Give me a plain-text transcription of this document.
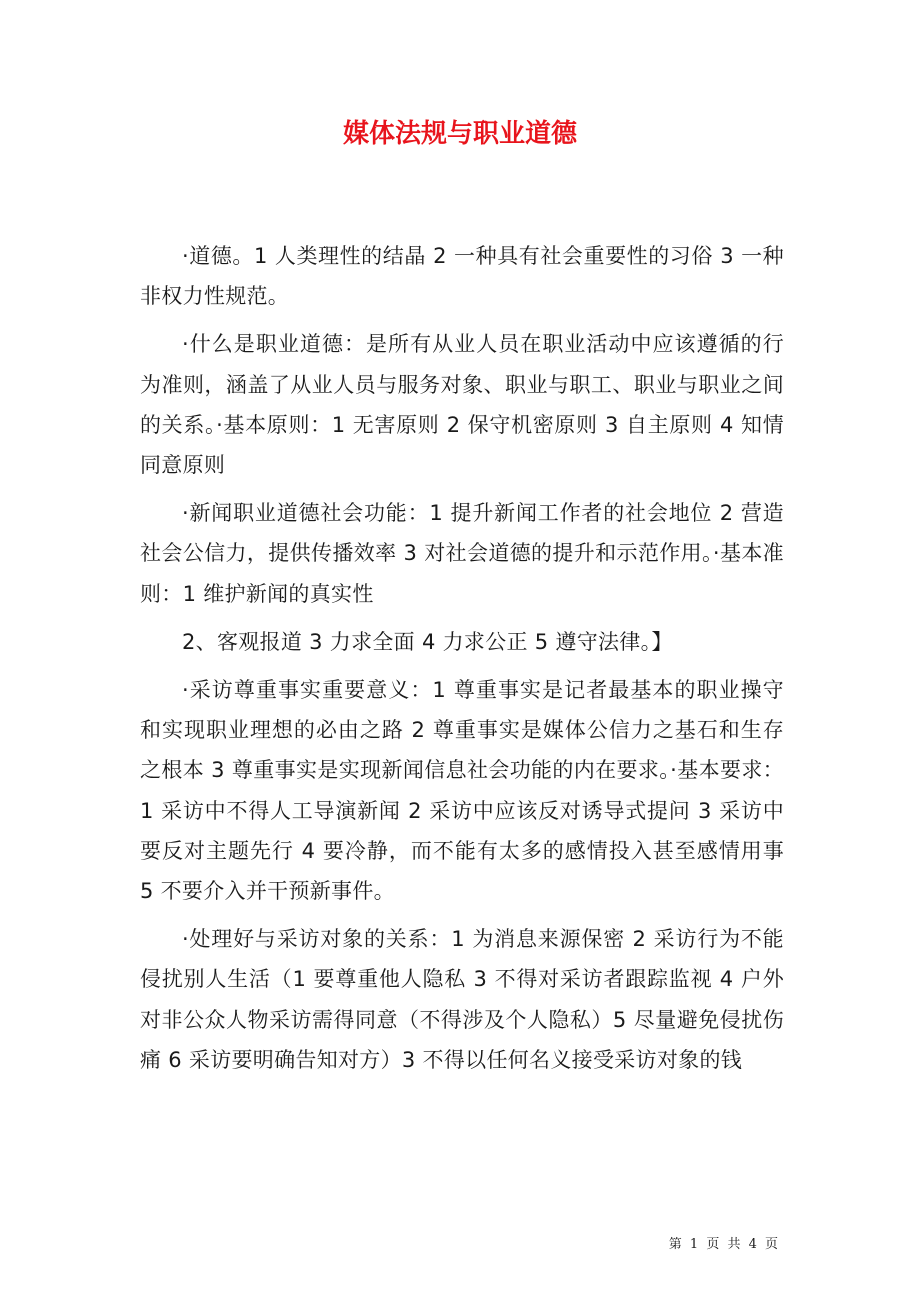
媒体法规与职业道德

·道德。1 人类理性的结晶 2 一种具有社会重要性的习俗 3 一种非权力性规范。

·什么是职业道德：是所有从业人员在职业活动中应该遵循的行为准则，涵盖了从业人员与服务对象、职业与职工、职业与职业之间的关系。·基本原则：1 无害原则 2 保守机密原则 3 自主原则 4 知情同意原则

·新闻职业道德社会功能：1 提升新闻工作者的社会地位 2 营造社会公信力，提供传播效率 3 对社会道德的提升和示范作用。·基本准则：1 维护新闻的真实性

2、客观报道 3 力求全面 4 力求公正 5 遵守法律。】

·采访尊重事实重要意义：1 尊重事实是记者最基本的职业操守和实现职业理想的必由之路 2 尊重事实是媒体公信力之基石和生存之根本 3 尊重事实是实现新闻信息社会功能的内在要求。·基本要求：1 采访中不得人工导演新闻 2 采访中应该反对诱导式提问 3 采访中要反对主题先行 4 要冷静，而不能有太多的感情投入甚至感情用事 5 不要介入并干预新事件。

·处理好与采访对象的关系：1 为消息来源保密 2 采访行为不能侵扰别人生活（1 要尊重他人隐私 3 不得对采访者跟踪监视 4 户外对非公众人物采访需得同意（不得涉及个人隐私）5 尽量避免侵扰伤痛 6 采访要明确告知对方）3 不得以任何名义接受采访对象的钱

第 1 页 共 4 页
